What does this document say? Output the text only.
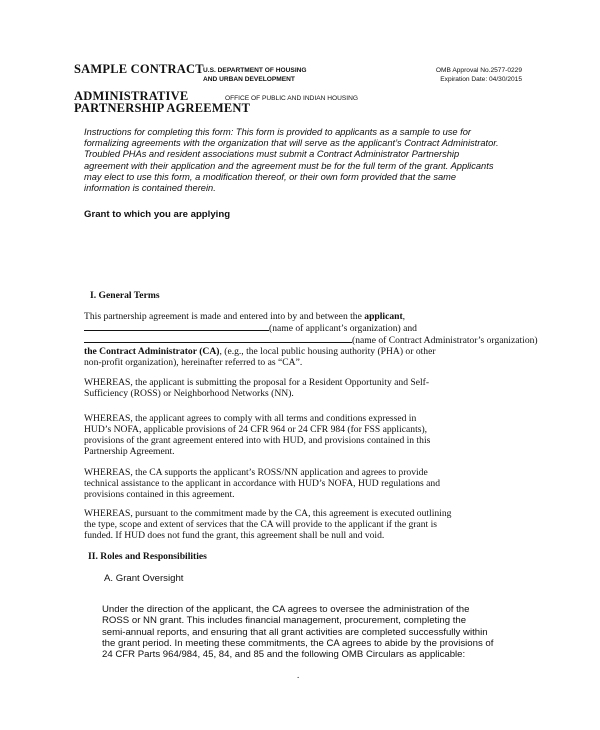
SAMPLE CONTRACT U.S. DEPARTMENT OF HOUSING
AND URBAN DEVELOPMENT
OMB Approval No.2577-0229
Expiration Date: 04/30/2015
ADMINISTRATIVE	OFFICE OF PUBLIC AND INDIAN HOUSING
PARTNERSHIP AGREEMENT
Instructions for completing this form: This form is provided to applicants as a sample to use for formalizing agreements with the organization that will serve as the applicant’s Contract Administrator. Troubled PHAs and resident associations must submit a Contract Administrator Partnership agreement with their application and the agreement must be for the full term of the grant. Applicants may elect to use this form, a modification thereof, or their own form provided that the same information is contained therein.
Grant to which you are applying
I. General Terms
This partnership agreement is made and entered into by and between the applicant,
(name of applicant’s organization) and
(name of Contract Administrator’s organization)
the Contract Administrator (CA), (e.g., the local public housing authority (PHA) or other
non-profit organization), hereinafter referred to as “CA”.
WHEREAS, the applicant is submitting the proposal for a Resident Opportunity and Self-
Sufficiency (ROSS) or Neighborhood Networks (NN).
WHEREAS, the applicant agrees to comply with all terms and conditions expressed in
HUD’s NOFA, applicable provisions of 24 CFR 964 or 24 CFR 984 (for FSS applicants),
provisions of the grant agreement entered into with HUD, and provisions contained in this
Partnership Agreement.
WHEREAS, the CA supports the applicant’s ROSS/NN application and agrees to provide
technical assistance to the applicant in accordance with HUD’s NOFA, HUD regulations and
provisions contained in this agreement.
WHEREAS, pursuant to the commitment made by the CA, this agreement is executed outlining
the type, scope and extent of services that the CA will provide to the applicant if the grant is
funded. If HUD does not fund the grant, this agreement shall be null and void.
II. Roles and Responsibilities
A. Grant Oversight
Under the direction of the applicant, the CA agrees to oversee the administration of the
ROSS or NN grant. This includes financial management, procurement, completing the
semi-annual reports, and ensuring that all grant activities are completed successfully within
the grant period. In meeting these commitments, the CA agrees to abide by the provisions of
24 CFR Parts 964/984, 45, 84, and 85 and the following OMB Circulars as applicable:
.
